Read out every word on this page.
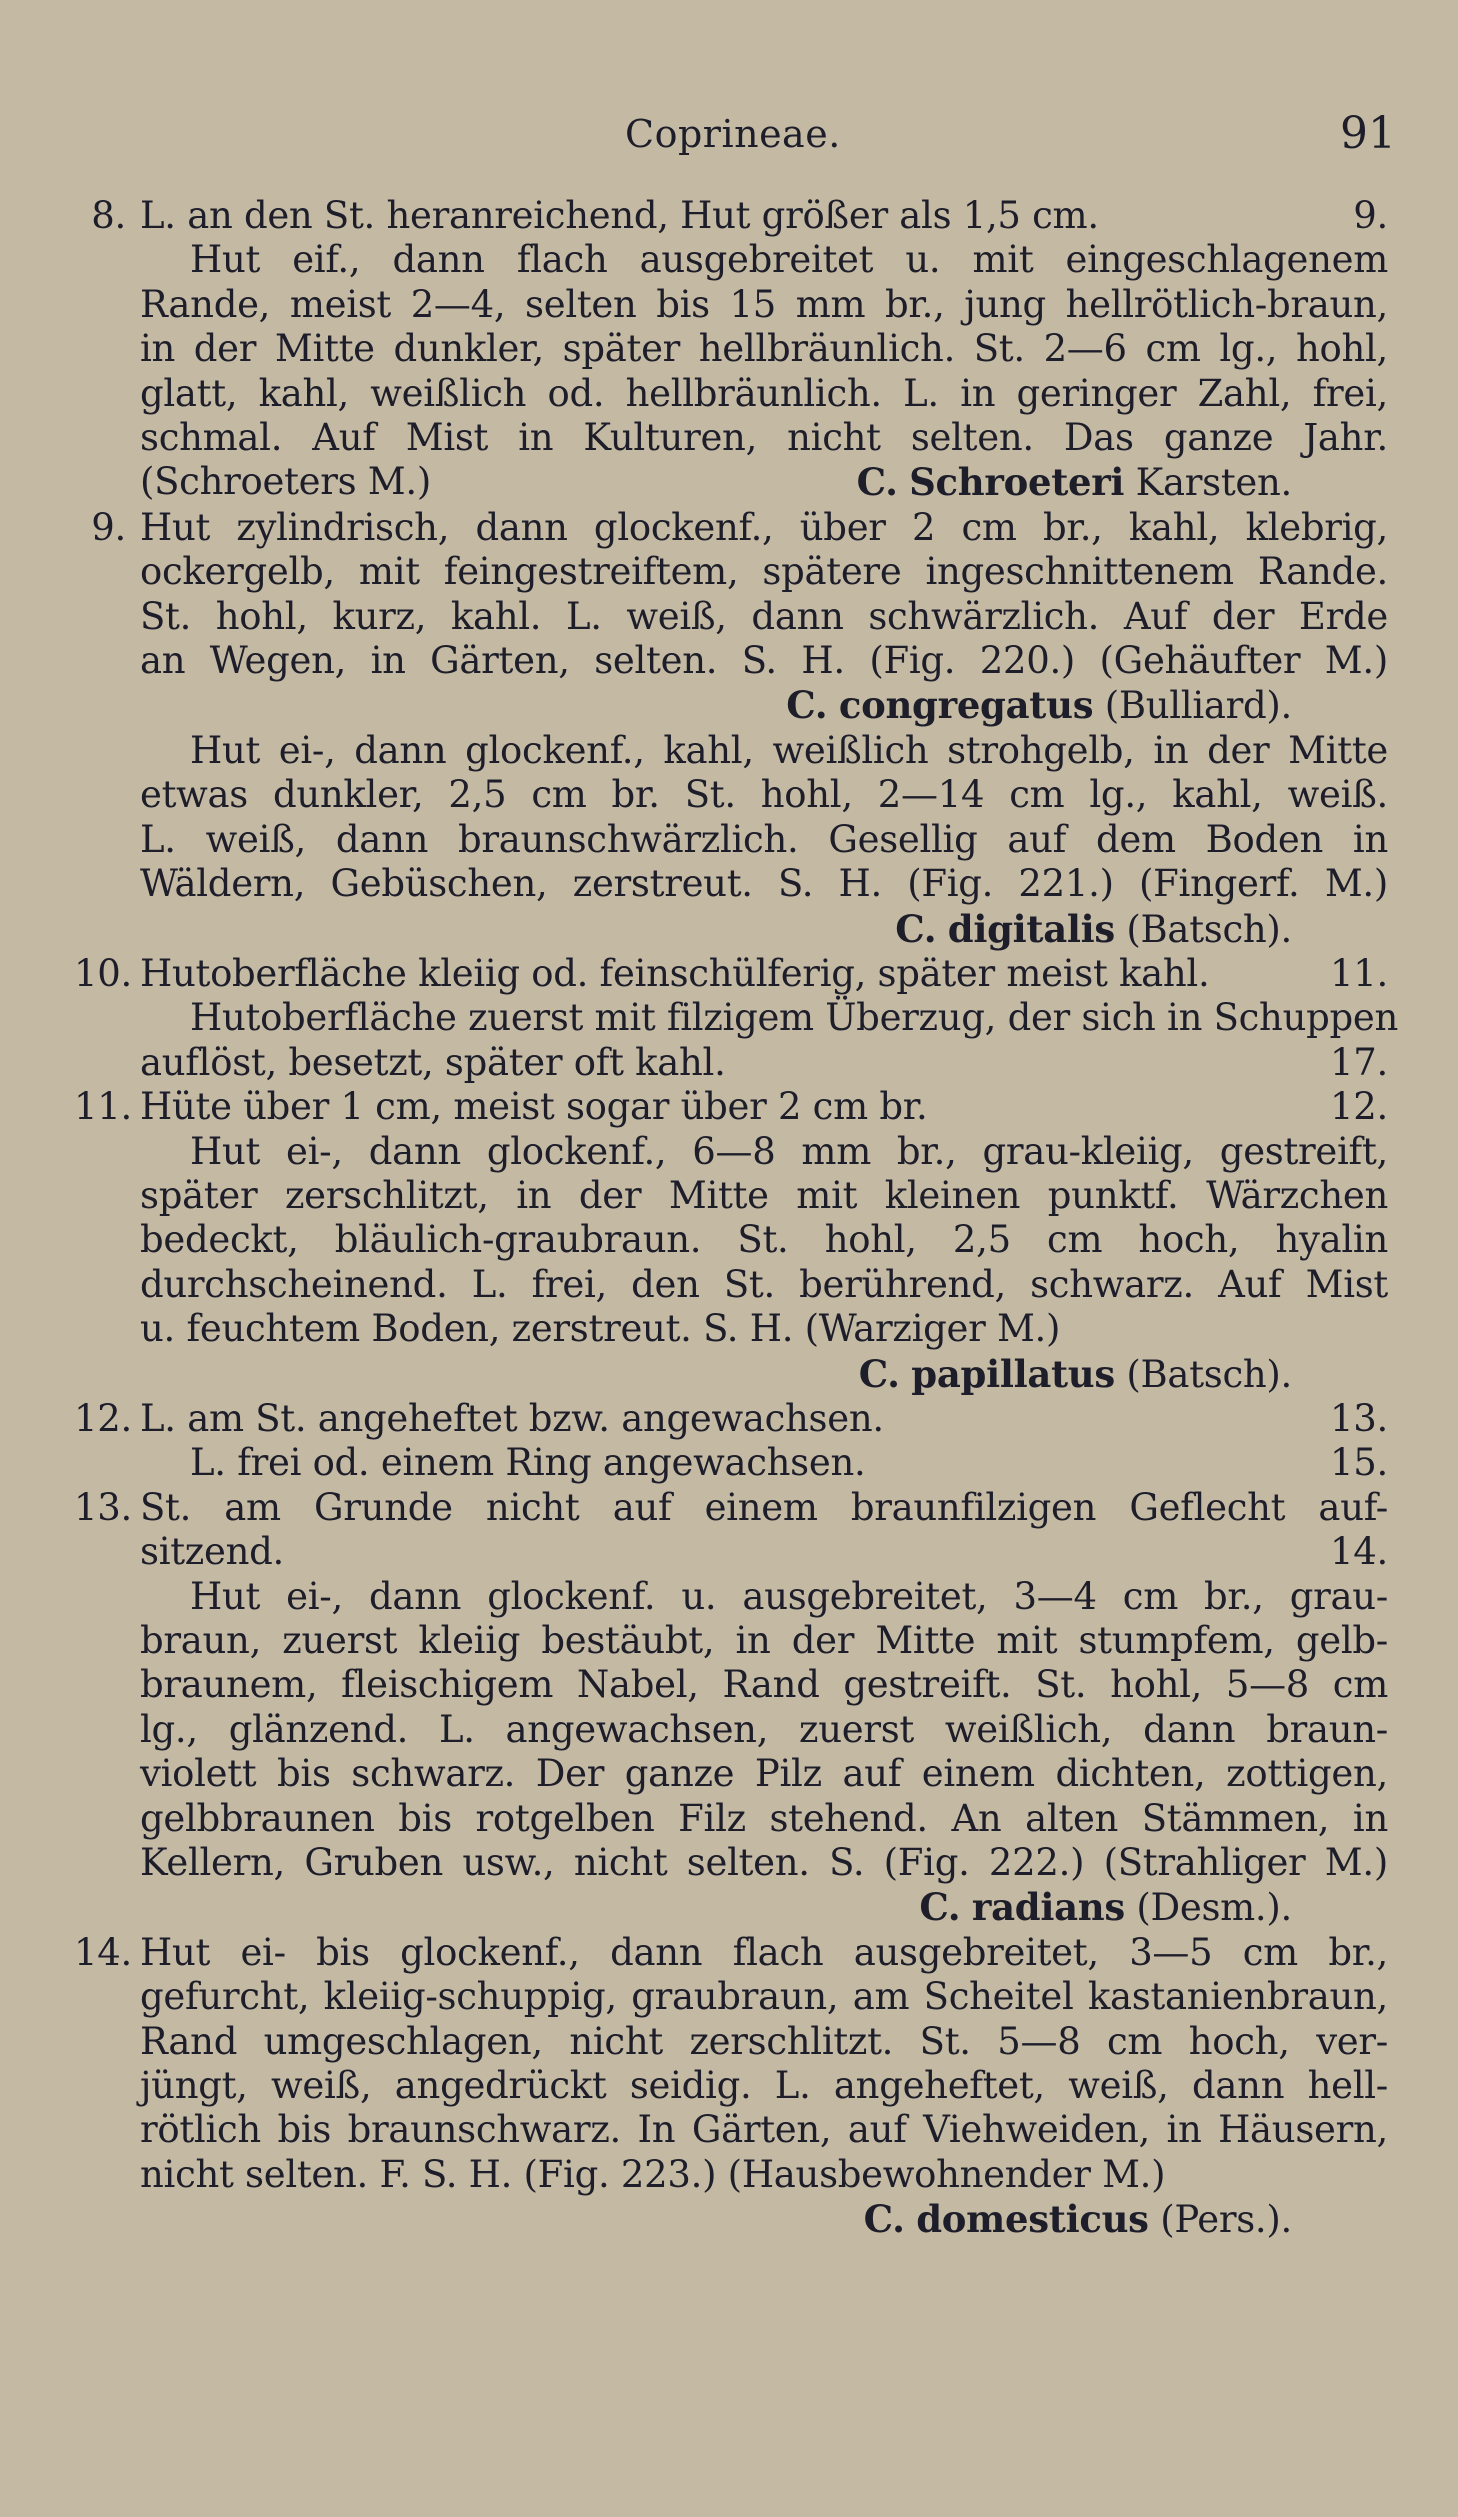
Coprineae.	91
8. L. an den St. heranreichend, Hut größer als 1,5 cm.	9.
Hut eif., dann flach ausgebreitet u. mit eingeschlagenem
Rande, meist 2—4, selten bis 15 mm br., jung hellrötlich-braun,
in der Mitte dunkler, später hellbräunlich. St. 2—6 cm lg., hohl,
glatt, kahl, weißlich od. hellbräunlich. L. in geringer Zahl, frei,
schmal. Auf Mist in Kulturen, nicht selten. Das ganze Jahr.
(Schroeters M.)	C. Schroeteri Karsten.
9. Hut zylindrisch, dann glockenf., über 2 cm br., kahl, klebrig,
ockergelb, mit feingestreiftem, spätere ingeschnittenem Rande.
St. hohl, kurz, kahl. L. weiß, dann schwärzlich. Auf der Erde
an Wegen, in Gärten, selten. S. H. (Fig. 220.) (Gehäufter M.)
C. congregatus (Bulliard).
Hut ei-, dann glockenf., kahl, weißlich strohgelb, in der Mitte
etwas dunkler, 2,5 cm br. St. hohl, 2—14 cm lg., kahl, weiß.
L. weiß, dann braunschwärzlich. Gesellig auf dem Boden in
Wäldern, Gebüschen, zerstreut. S. H. (Fig. 221.) (Fingerf. M.)
C. digitalis (Batsch).
10. Hutoberfläche kleiig od. feinschülferig, später meist kahl.	11.
Hutoberfläche zuerst mit filzigem Überzug, der sich in Schuppen
auflöst, besetzt, später oft kahl.	17.
11. Hüte über 1 cm, meist sogar über 2 cm br.	12.
Hut ei-, dann glockenf., 6—8 mm br., grau-kleiig, gestreift,
später zerschlitzt, in der Mitte mit kleinen punktf. Wärzchen
bedeckt, bläulich-graubraun. St. hohl, 2,5 cm hoch, hyalin
durchscheinend. L. frei, den St. berührend, schwarz. Auf Mist
u. feuchtem Boden, zerstreut. S. H. (Warziger M.)
C. papillatus (Batsch).
12. L. am St. angeheftet bzw. angewachsen.	13.
L. frei od. einem Ring angewachsen.	15.
13. St. am Grunde nicht auf einem braunfilzigen Geflecht auf-
sitzend.	14.
Hut ei-, dann glockenf. u. ausgebreitet, 3—4 cm br., grau-
braun, zuerst kleiig bestäubt, in der Mitte mit stumpfem, gelb-
braunem, fleischigem Nabel, Rand gestreift. St. hohl, 5—8 cm
lg., glänzend. L. angewachsen, zuerst weißlich, dann braun-
violett bis schwarz. Der ganze Pilz auf einem dichten, zottigen,
gelbbraunen bis rotgelben Filz stehend. An alten Stämmen, in
Kellern, Gruben usw., nicht selten. S. (Fig. 222.) (Strahliger M.)
C. radians (Desm.).
14. Hut ei- bis glockenf., dann flach ausgebreitet, 3—5 cm br.,
gefurcht, kleiig-schuppig, graubraun, am Scheitel kastanienbraun,
Rand umgeschlagen, nicht zerschlitzt. St. 5—8 cm hoch, ver-
jüngt, weiß, angedrückt seidig. L. angeheftet, weiß, dann hell-
rötlich bis braunschwarz. In Gärten, auf Viehweiden, in Häusern,
nicht selten. F. S. H. (Fig. 223.) (Hausbewohnender M.)
C. domesticus (Pers.).
